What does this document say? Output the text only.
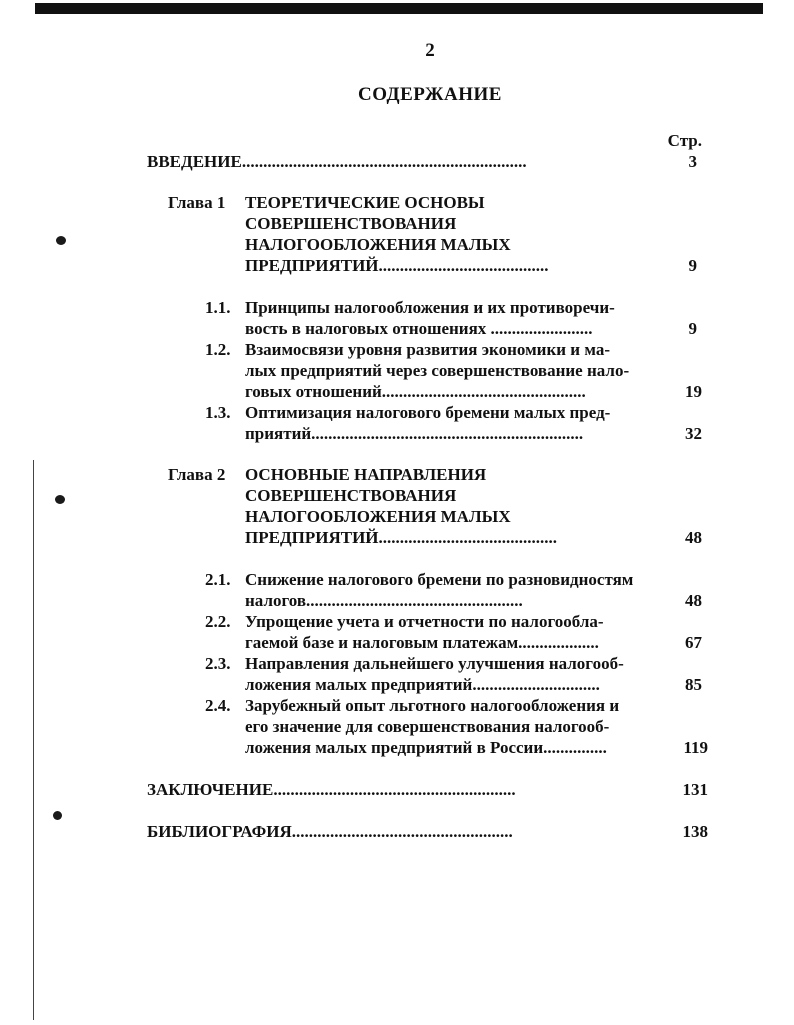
2
СОДЕРЖАНИЕ
Стр.
ВВЕДЕНИЕ...................................................................	3
Глава 1 ТЕОРЕТИЧЕСКИЕ ОСНОВЫ
СОВЕРШЕНСТВОВАНИЯ
НАЛОГООБЛОЖЕНИЯ МАЛЫХ
ПРЕДПРИЯТИЙ........................................	9
1.1. Принципы налогообложения и их противоречи-
вость в налоговых отношениях ........................	9
1.2. Взаимосвязи уровня развития экономики и ма-
лых предприятий через совершенствование нало-
говых отношений................................................	19
1.3. Оптимизация налогового бремени малых пред-
приятий................................................................	32
Глава 2 ОСНОВНЫЕ НАПРАВЛЕНИЯ
СОВЕРШЕНСТВОВАНИЯ
НАЛОГООБЛОЖЕНИЯ МАЛЫХ
ПРЕДПРИЯТИЙ..........................................	48
2.1. Снижение налогового бремени по разновидностям
налогов...................................................	48
2.2. Упрощение учета и отчетности по налогообла-
гаемой базе и налоговым платежам...................	67
2.3. Направления дальнейшего улучшения налогооб-
ложения малых предприятий..............................	85
2.4. Зарубежный опыт льготного налогообложения и
его значение для совершенствования налогооб-
ложения малых предприятий в России...............	119
ЗАКЛЮЧЕНИЕ.........................................................	131
БИБЛИОГРАФИЯ....................................................	138
